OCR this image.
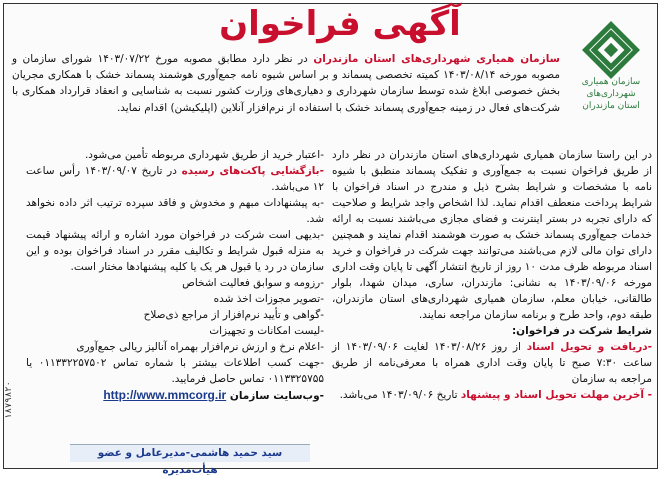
سازمان همیاری شهرداری‌های
استان مازندران
آگهی فراخوان
سازمان همیاری شهرداری‌های استان مازندران در نظر دارد مطابق مصوبه مورخ ۱۴۰۳/۰۷/۲۲ شورای سازمان و مصوبه مورخه ۱۴۰۳/۰۸/۱۴ کمیته تخصصی پسماند و بر اساس شیوه نامه جمع‌آوری هوشمند پسماند خشک با همکاری مجریان بخش خصوصی ابلاغ شده توسط سازمان شهرداری و دهیاری‌های وزارت کشور نسبت به شناسایی و انعقاد قرارداد همکاری با شرکت‌های فعال در زمینه جمع‌آوری پسماند خشک با استفاده از نرم‌افزار آنلاین (اپلیکیشن) اقدام نماید.

در این راستا سازمان همیاری شهرداری‌های استان مازندران در نظر دارد از طریق فراخوان نسبت به جمع‌آوری و تفکیک پسماند منطبق با شیوه نامه با مشخصات و شرایط بشرح ذیل و مندرج در اسناد فراخوان با شرایط پرداخت منعطف اقدام نماید. لذا اشخاص واجد شرایط و صلاحیت که دارای تجربه در بستر اینترنت و فضای مجازی می‌باشند نسبت به ارائه خدمات جمع‌آوری پسماند خشک به صورت هوشمند اقدام نمایند و همچنین دارای توان مالی لازم می‌باشند می‌توانند جهت شرکت در فراخوان و خرید اسناد مربوطه ظرف مدت ۱۰ روز از تاریخ انتشار آگهی تا پایان وقت اداری مورخه ۱۴۰۳/۰۹/۰۶ به نشانی: مازندران، ساری، میدان شهدا، بلوار طالقانی، خیابان معلم، سازمان همیاری شهرداری‌های استان مازندران، طبقه دوم، واحد طرح و برنامه سازمان مراجعه نمایند.

شرایط شرکت در فراخوان:

-دریافت و تحویل اسناد از روز ۱۴۰۳/۰۸/۲۶ لغایت ۱۴۰۳/۰۹/۰۶ از ساعت ۷:۳۰ صبح تا پایان وقت اداری همراه با معرفی‌نامه از طریق مراجعه به سازمان

- آخرین مهلت تحویل اسناد و پیشنهاد تاریخ ۱۴۰۳/۰۹/۰۶ می‌باشد.

-اعتبار خرید از طریق شهرداری مربوطه تأمین می‌شود.

-بازگشایی پاکت‌های رسیده در تاریخ ۱۴۰۳/۰۹/۰۷ رأس ساعت ۱۲ می‌باشد.

-به پیشنهادات مبهم و مخدوش و فاقد سپرده ترتیب اثر داده نخواهد شد.

-بدیهی است شرکت در فراخوان مورد اشاره و ارائه پیشنهاد قیمت به منزله قبول شرایط و تکالیف مقرر در اسناد فراخوان بوده و این سازمان در رد یا قبول هر یک یا کلیه پیشنهادها مختار است.

-رزومه و سوابق فعالیت اشخاص

-تصویر مجوزات اخذ شده

-گواهی و تأیید نرم‌افزار از مراجع ذی‌صلاح

-لیست امکانات و تجهیزات

-اعلام نرخ و ارزش نرم‌افزار بهمراه آنالیز ریالی جمع‌آوری

-جهت کسب اطلاعات بیشتر با شماره تماس ۰۱۱۳۳۲۲۵۷۵۰۲ یا ۰۱۱۳۳۲۵۷۵۵ تماس حاصل فرمایید.

-وب‌سایت سازمان http://www.mmcorg.ir

سید حمید هاشمی-مدیرعامل و عضو هیأت‌مدیره
۱۸۷۹۸۲۰
